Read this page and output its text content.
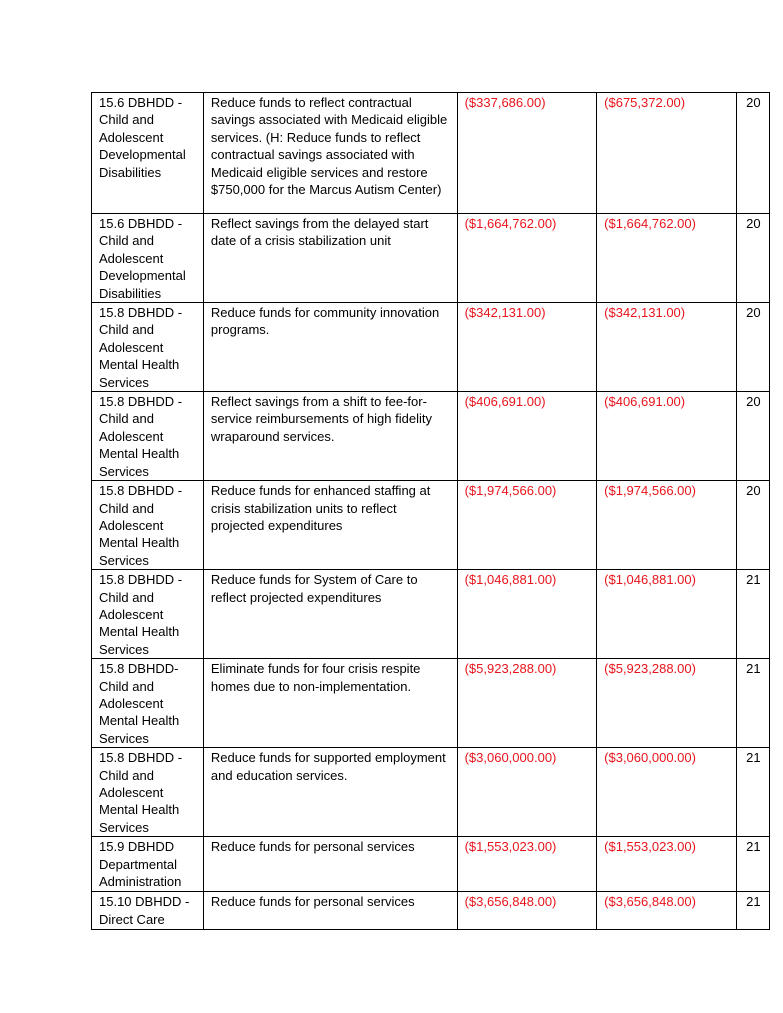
15.6 DBHDD - Child and Adolescent Developmental Disabilities	Reduce funds to reflect contractual savings associated with Medicaid eligible services. (H: Reduce funds to reflect contractual savings associated with Medicaid eligible services and restore $750,000 for the Marcus Autism Center)	($337,686.00)	($675,372.00)	20
15.6 DBHDD - Child and Adolescent Developmental Disabilities	Reflect savings from the delayed start date of a crisis stabilization unit	($1,664,762.00)	($1,664,762.00)	20
15.8 DBHDD - Child and Adolescent Mental Health Services	Reduce funds for community innovation programs.	($342,131.00)	($342,131.00)	20
15.8 DBHDD - Child and Adolescent Mental Health Services	Reflect savings from a shift to fee-for-service reimbursements of high fidelity wraparound services.	($406,691.00)	($406,691.00)	20
15.8 DBHDD - Child and Adolescent Mental Health Services	Reduce funds for enhanced staffing at crisis stabilization units to reflect projected expenditures	($1,974,566.00)	($1,974,566.00)	20
15.8 DBHDD - Child and Adolescent Mental Health Services	Reduce funds for System of Care to reflect projected expenditures	($1,046,881.00)	($1,046,881.00)	21
15.8 DBHDD- Child and Adolescent Mental Health Services	Eliminate funds for four crisis respite homes due to non-implementation.	($5,923,288.00)	($5,923,288.00)	21
15.8 DBHDD - Child and Adolescent Mental Health Services	Reduce funds for supported employment and education services.	($3,060,000.00)	($3,060,000.00)	21
15.9 DBHDD Departmental Administration	Reduce funds for personal services	($1,553,023.00)	($1,553,023.00)	21
15.10 DBHDD - Direct Care	Reduce funds for personal services	($3,656,848.00)	($3,656,848.00)	21
